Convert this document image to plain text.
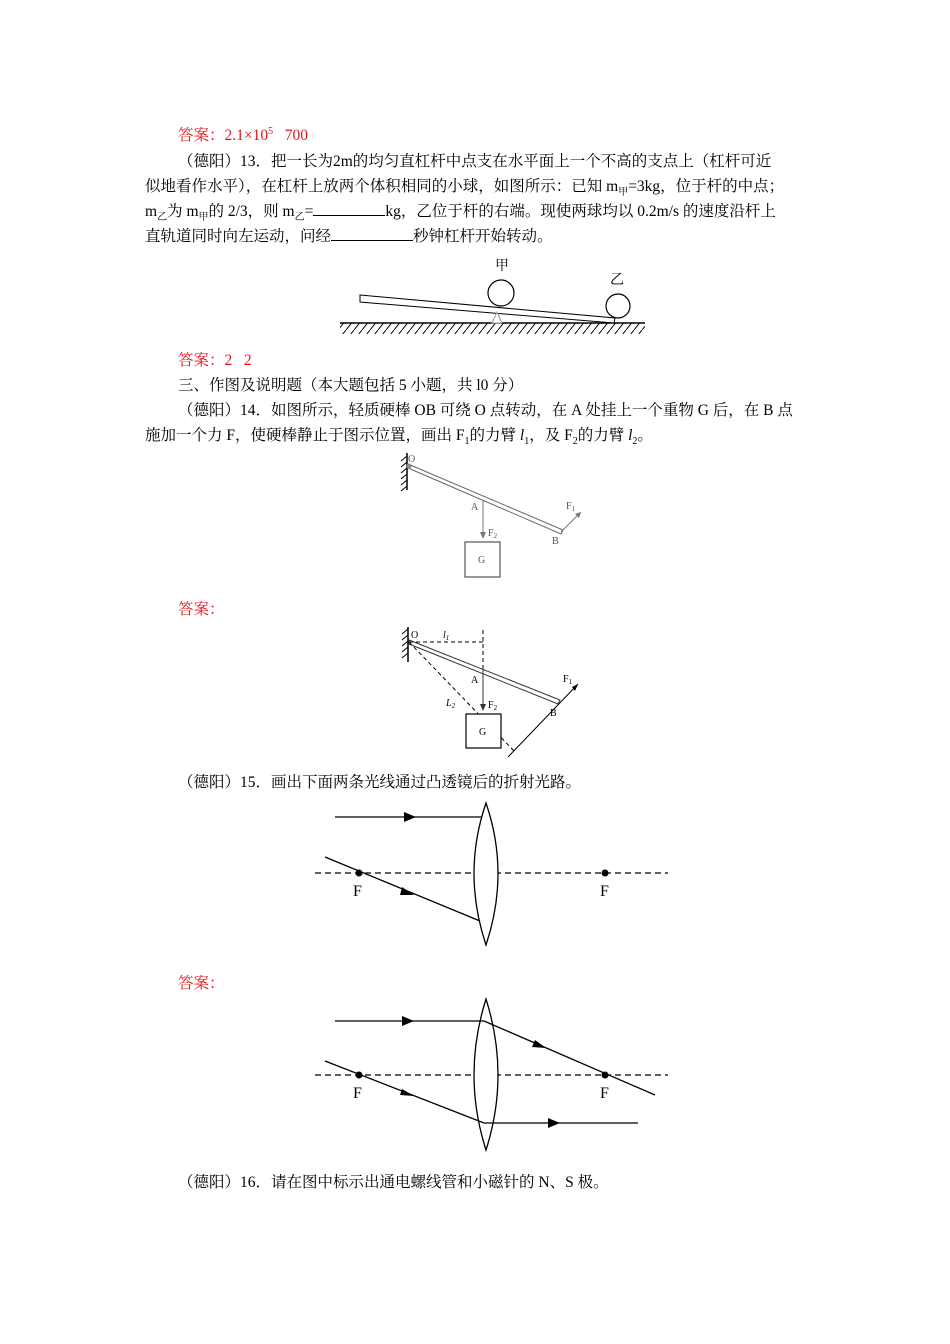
答案：$2.1\times 10^5$   700
（德阳）13．把一长为2m的均匀直杠杆中点支在水平面上一个不高的支点上（杠杆可近
似地看作水平），在杠杆上放两个体积相同的小球，如图所示：已知 $m_甲=3kg$，位于杆的中点；
$m_乙$为 $m_甲$的 2/3，则 $m_乙=$	kg，乙位于杆的右端。现使两球均以 0.2m/s 的速度沿杆上
直轨道同时向左运动，问经	秒钟杠杆开始转动。
甲
乙
答案：2   2
三、作图及说明题（本大题包括 5 小题，共 l0 分）
（德阳）14．如图所示，轻质硬棒 OB 可绕 O 点转动，在 A 处挂上一个重物 G 后，在 B 点
施加一个力 F，使硬棒静止于图示位置，画出 $F_1$的力臂 $l_1$，及 $F_2$的力臂 $l_2$。
O
A
$F_2$	B
$F_1$
G
答案：
O $l_1$
A
$L_2$	$F_2$	B
$F_1$
G
（德阳）15．画出下面两条光线通过凸透镜后的折射光路。
F	F
答案：
F	F
（德阳）16．请在图中标示出通电螺线管和小磁针的 N、S 极。
